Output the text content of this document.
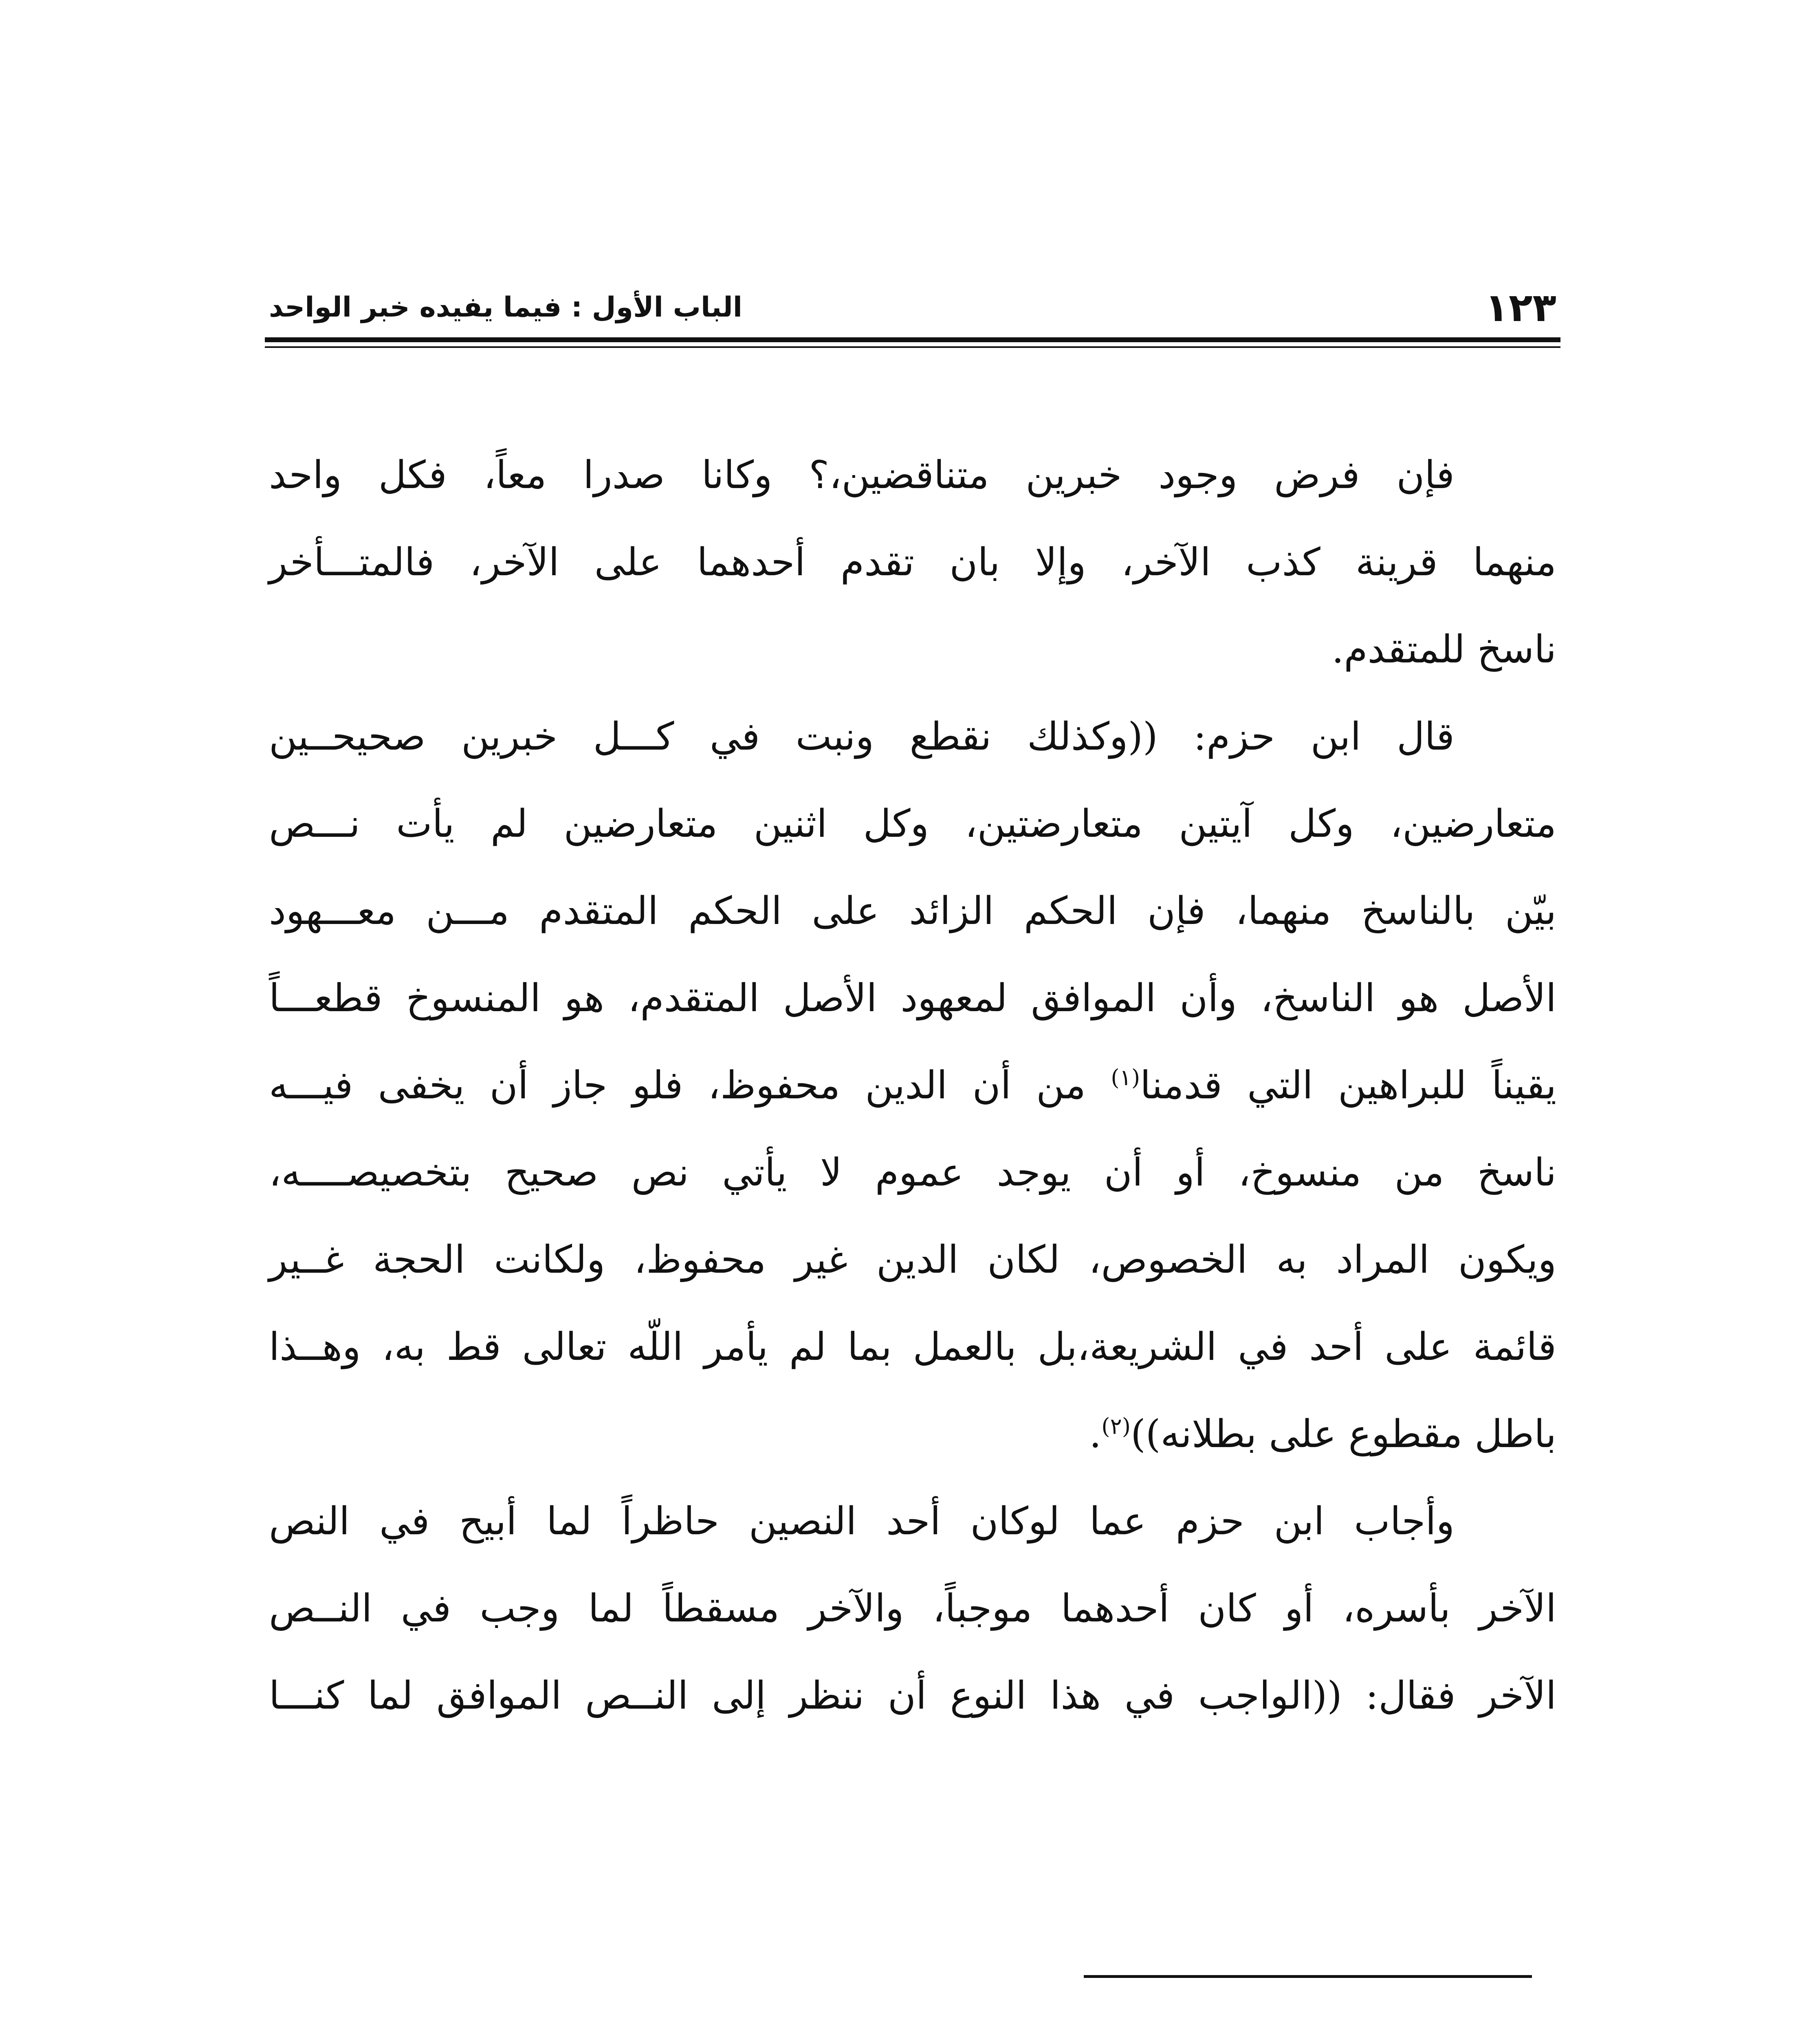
١٢٣
الباب الأول : فيما يفيده خبر الواحد

فإن فرض وجود خبرين متناقضين،؟ وكانا صدرا معاً، فكل واحد

منهما قرينة كذب الآخر، وإلا بان تقدم أحدهما على الآخر، فالمتـــأخر

ناسخ للمتقدم.

قال ابن حزم: ((وكذلك نقطع ونبت في كـــل خبرين صحيحــين

متعارضين، وكل آيتين متعارضتين، وكل اثنين متعارضين لم يأت نـــص

بيّن بالناسخ منهما، فإن الحكم الزائد على الحكم المتقدم مـــن معـــهود

الأصل هو الناسخ، وأن الموافق لمعهود الأصل المتقدم، هو المنسوخ قطعـــاً

يقيناً للبراهين التي قدمنا$^{(١)}$ من أن الدين محفوظ، فلو جاز أن يخفى فيـــه

ناسخ من منسوخ، أو أن يوجد عموم لا يأتي نص صحيح بتخصيصــــه،

ويكون المراد به الخصوص، لكان الدين غير محفوظ، ولكانت الحجة غــير

قائمة على أحد في الشريعة،بل بالعمل بما لم يأمر اللّه تعالى قط به، وهــذا

باطل مقطوع على بطلانه))$^{(٢)}$.

وأجاب ابن حزم عما لوكان أحد النصين حاظراً لما أبيح في النص

الآخر بأسره، أو كان أحدهما موجباً، والآخر مسقطاً لما وجب في النــص

الآخر فقال: ((الواجب في هذا النوع أن ننظر إلى النــص الموافق لما كنـــا
